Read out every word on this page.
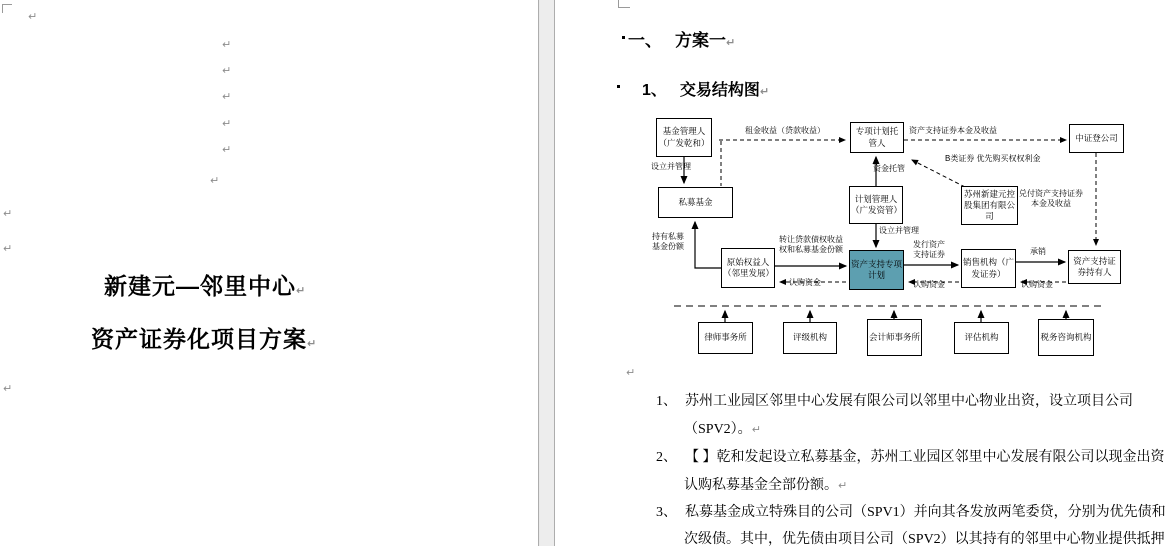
↵
↵
↵
↵
↵
↵
↵
↵
↵
↵
新建元—邻里中心↵
资产证券化项目方案↵
一、 方案一↵
1、 交易结构图↵
基金管理人（广发乾和）
专项计划托管人	中证登公司
私募基金	计划管理人（广发资管）
苏州新建元控股集团有限公司
原始权益人（邻里发展）
资产支持专项计划
销售机构（广发证券）
资产支持证券持有人
律师事务所	评级机构	会计师事务所	评估机构	税务咨询机构
租金收益（贷款收益）	资产支持证券本金及收益
B类证券 优先购买权权利金
资金托管
设立并管理
设立并管理
兑付资产支持证券本金及收益
持有私募基金份额
转让贷款债权收益权和私募基金份额
认购资金
发行资产支持证券
认购资金
承销
认购资金
↵
1、 苏州工业园区邻里中心发展有限公司以邻里中心物业出资，设立项目公司
（SPV2）。↵
2、 【 】乾和发起设立私募基金，苏州工业园区邻里中心发展有限公司以现金出资
认购私募基金全部份额。↵
3、 私募基金成立特殊目的公司（SPV1）并向其各发放两笔委贷，分别为优先债和
次级债。其中，优先债由项目公司（SPV2）以其持有的邻里中心物业提供抵押
